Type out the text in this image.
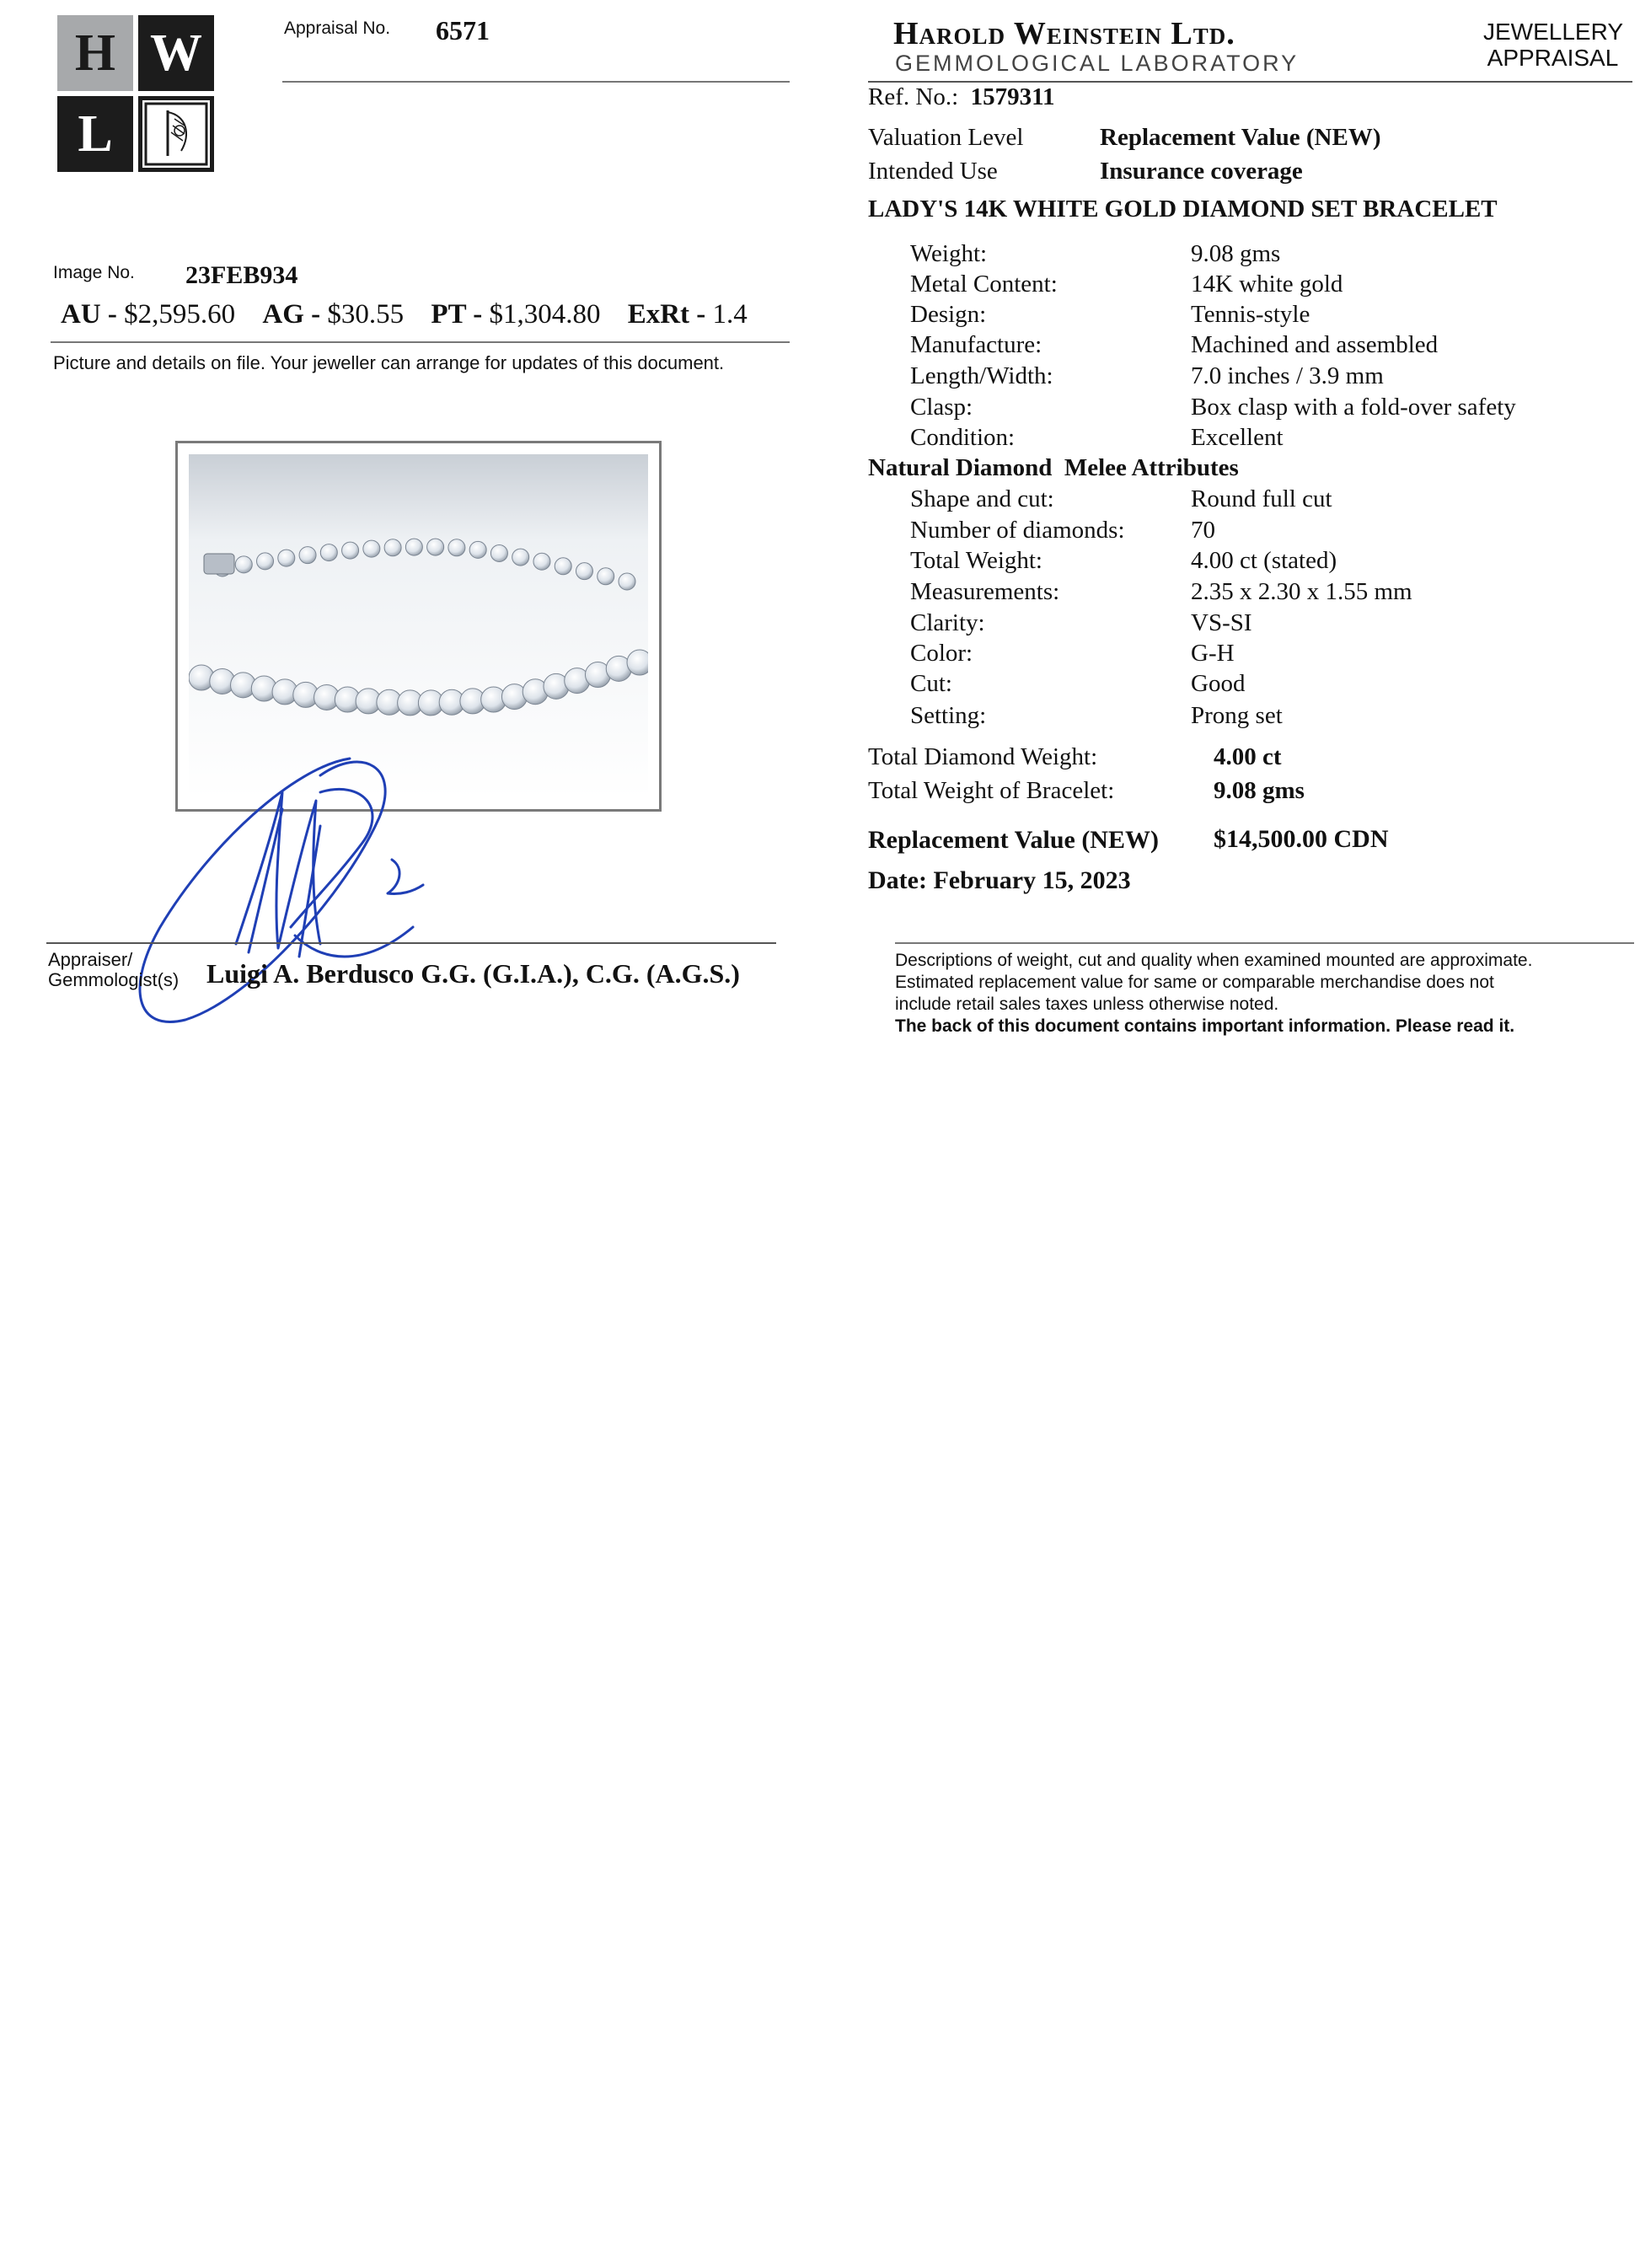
H W
L
Appraisal No. 6571
Image No. 23FEB934
AU - $2,595.60 AG - $30.55 PT - $1,304.80 ExRt - 1.4
Picture and details on file. Your jeweller can arrange for updates of this document.
Appraiser/
Gemmologist(s) Luigi A. Berdusco G.G. (G.I.A.), C.G. (A.G.S.)
Harold Weinstein Ltd.
GEMMOLOGICAL LABORATORY
JEWELLERY
APPRAISAL
Ref. No.: 1579311
Valuation Level	Replacement Value (NEW)
Intended Use	Insurance coverage
LADY'S 14K WHITE GOLD DIAMOND SET BRACELET
Weight:	9.08 gms
Metal Content:	14K white gold
Design:	Tennis-style
Manufacture:	Machined and assembled
Length/Width:	7.0 inches / 3.9 mm
Clasp:	Box clasp with a fold-over safety
Condition:	Excellent
Natural Diamond  Melee Attributes
Shape and cut:	Round full cut
Number of diamonds:	70
Total Weight:	4.00 ct (stated)
Measurements:	2.35 x 2.30 x 1.55 mm
Clarity:	VS-SI
Color:	G-H
Cut:	Good
Setting:	Prong set
Total Diamond Weight:	4.00 ct
Total Weight of Bracelet:	9.08 gms
Replacement Value (NEW) $14,500.00 CDN
Date: February 15, 2023
Descriptions of weight, cut and quality when examined mounted are approximate.
Estimated replacement value for same or comparable merchandise does not
include retail sales taxes unless otherwise noted.
The back of this document contains important information. Please read it.
